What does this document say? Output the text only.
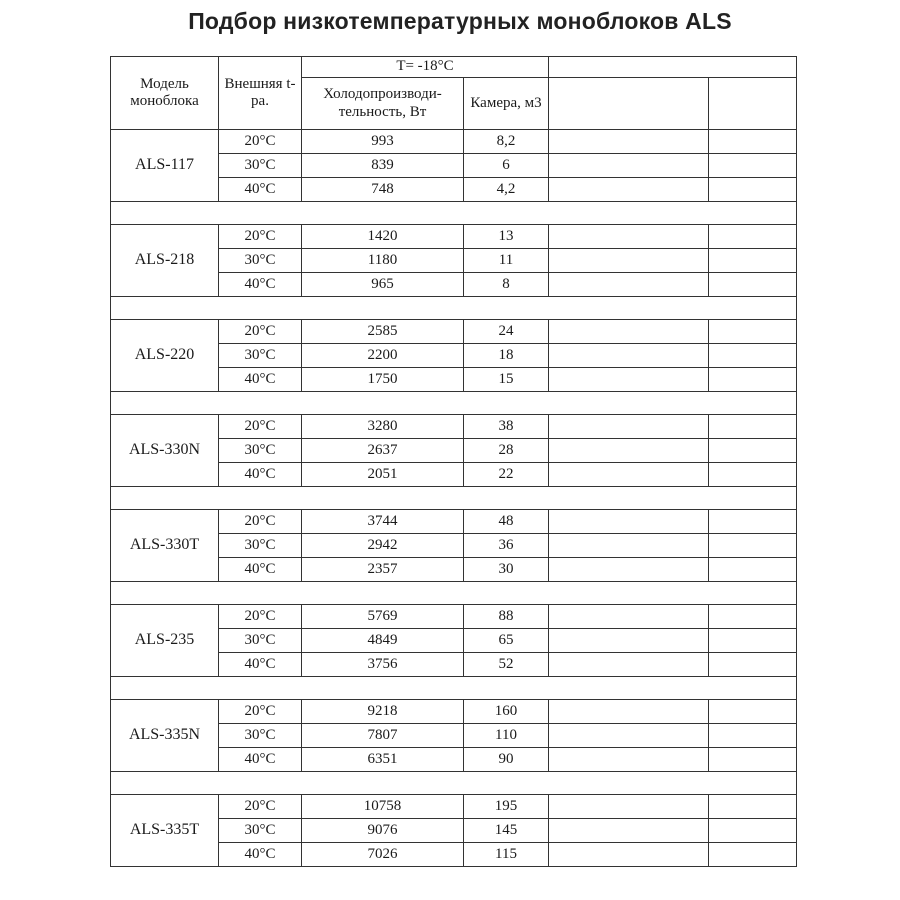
Подбор низкотемпературных моноблоков ALS
Модель моноблока	Внешняя t-ра.	T= -18°C			
		Холодопроизводи-тельность, Вт	Камера, м3		
ALS-117	20°C	993	8,2		
	30°C	839	6		
	40°C	748	4,2		

ALS-218	20°C	1420	13		
	30°C	1180	11		
	40°C	965	8		

ALS-220	20°C	2585	24		
	30°C	2200	18		
	40°C	1750	15		

ALS-330N	20°C	3280	38		
	30°C	2637	28		
	40°C	2051	22		

ALS-330T	20°C	3744	48		
	30°C	2942	36		
	40°C	2357	30		

ALS-235	20°C	5769	88		
	30°C	4849	65		
	40°C	3756	52		

ALS-335N	20°C	9218	160		
	30°C	7807	110		
	40°C	6351	90		

ALS-335T	20°C	10758	195		
	30°C	9076	145		
	40°C	7026	115		
